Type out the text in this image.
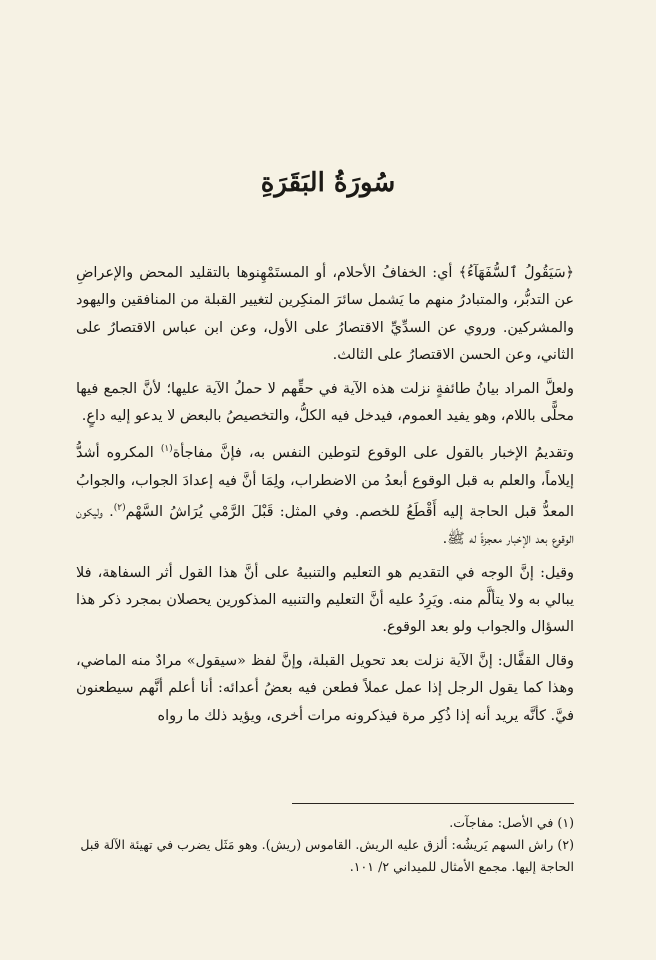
سُورَةُ البَقَرَةِ

﴿سَيَقُولُ ٱلسُّفَهَآءُ﴾ أي: الخفافُ الأحلام، أو المستَمْهِنوها بالتقليد المحض والإعراضِ عن التدبُّر، والمتبادرُ منهم ما يَشمل سائرَ المنكِرين لتغيير القبلة من المنافقين واليهود والمشركين. وروي عن السدِّيِّ الاقتصارُ على الأول، وعن ابن عباس الاقتصارُ على الثاني، وعن الحسن الاقتصارُ على الثالث.

ولعلَّ المراد بيانُ طائفةٍ نزلت هذه الآية في حقِّهم لا حملُ الآية عليها؛ لأنَّ الجمع فيها محلًّى باللام، وهو يفيد العموم، فيدخل فيه الكلُّ، والتخصيصُ بالبعض لا يدعو إليه داعٍ.

وتقديمُ الإخبار بالقول على الوقوع لتوطين النفس به، فإنَّ مفاجأة$^{(١)}$ المكروه أشدُّ إيلاماً، والعلم به قبل الوقوع أبعدُ من الاضطراب، ولِمَا أنَّ فيه إعدادَ الجواب، والجوابُ المعدُّ قبل الحاجة إليه أَقْطَعُ للخصم. وفي المثل: قَبْلَ الرَّمْي يُرَاشُ السَّهْم$^{(٢)}$. وليكون الوقوع بعد الإخبار معجزةً له ﷺ.

وقيل: إنَّ الوجه في التقديم هو التعليم والتنبيهُ على أنَّ هذا القول أثر السفاهة، فلا يبالي به ولا يتألَّم منه. ويَرِدُ عليه أنَّ التعليم والتنبيه المذكورين يحصلان بمجرد ذكر هذا السؤال والجواب ولو بعد الوقوع.

وقال القفَّال: إنَّ الآية نزلت بعد تحويل القبلة، وإنَّ لفظ «سيقول» مرادٌ منه الماضي، وهذا كما يقول الرجل إذا عمل عملاً فطعن فيه بعضُ أعدائه: أنا أعلم أنَّهم سيطعنون فيَّ. كأنَّه يريد أنه إذا ذُكِر مرة فيذكرونه مرات أخرى، ويؤيد ذلك ما رواه

(١) في الأصل: مفاجآت.

(٢) راش السهم يَريشُه: ألزق عليه الريش. القاموس (ريش). وهو مَثَل يضرب في تهيئة الآلة قبل الحاجة إليها. مجمع الأمثال للميداني ٢/ ١٠١.
